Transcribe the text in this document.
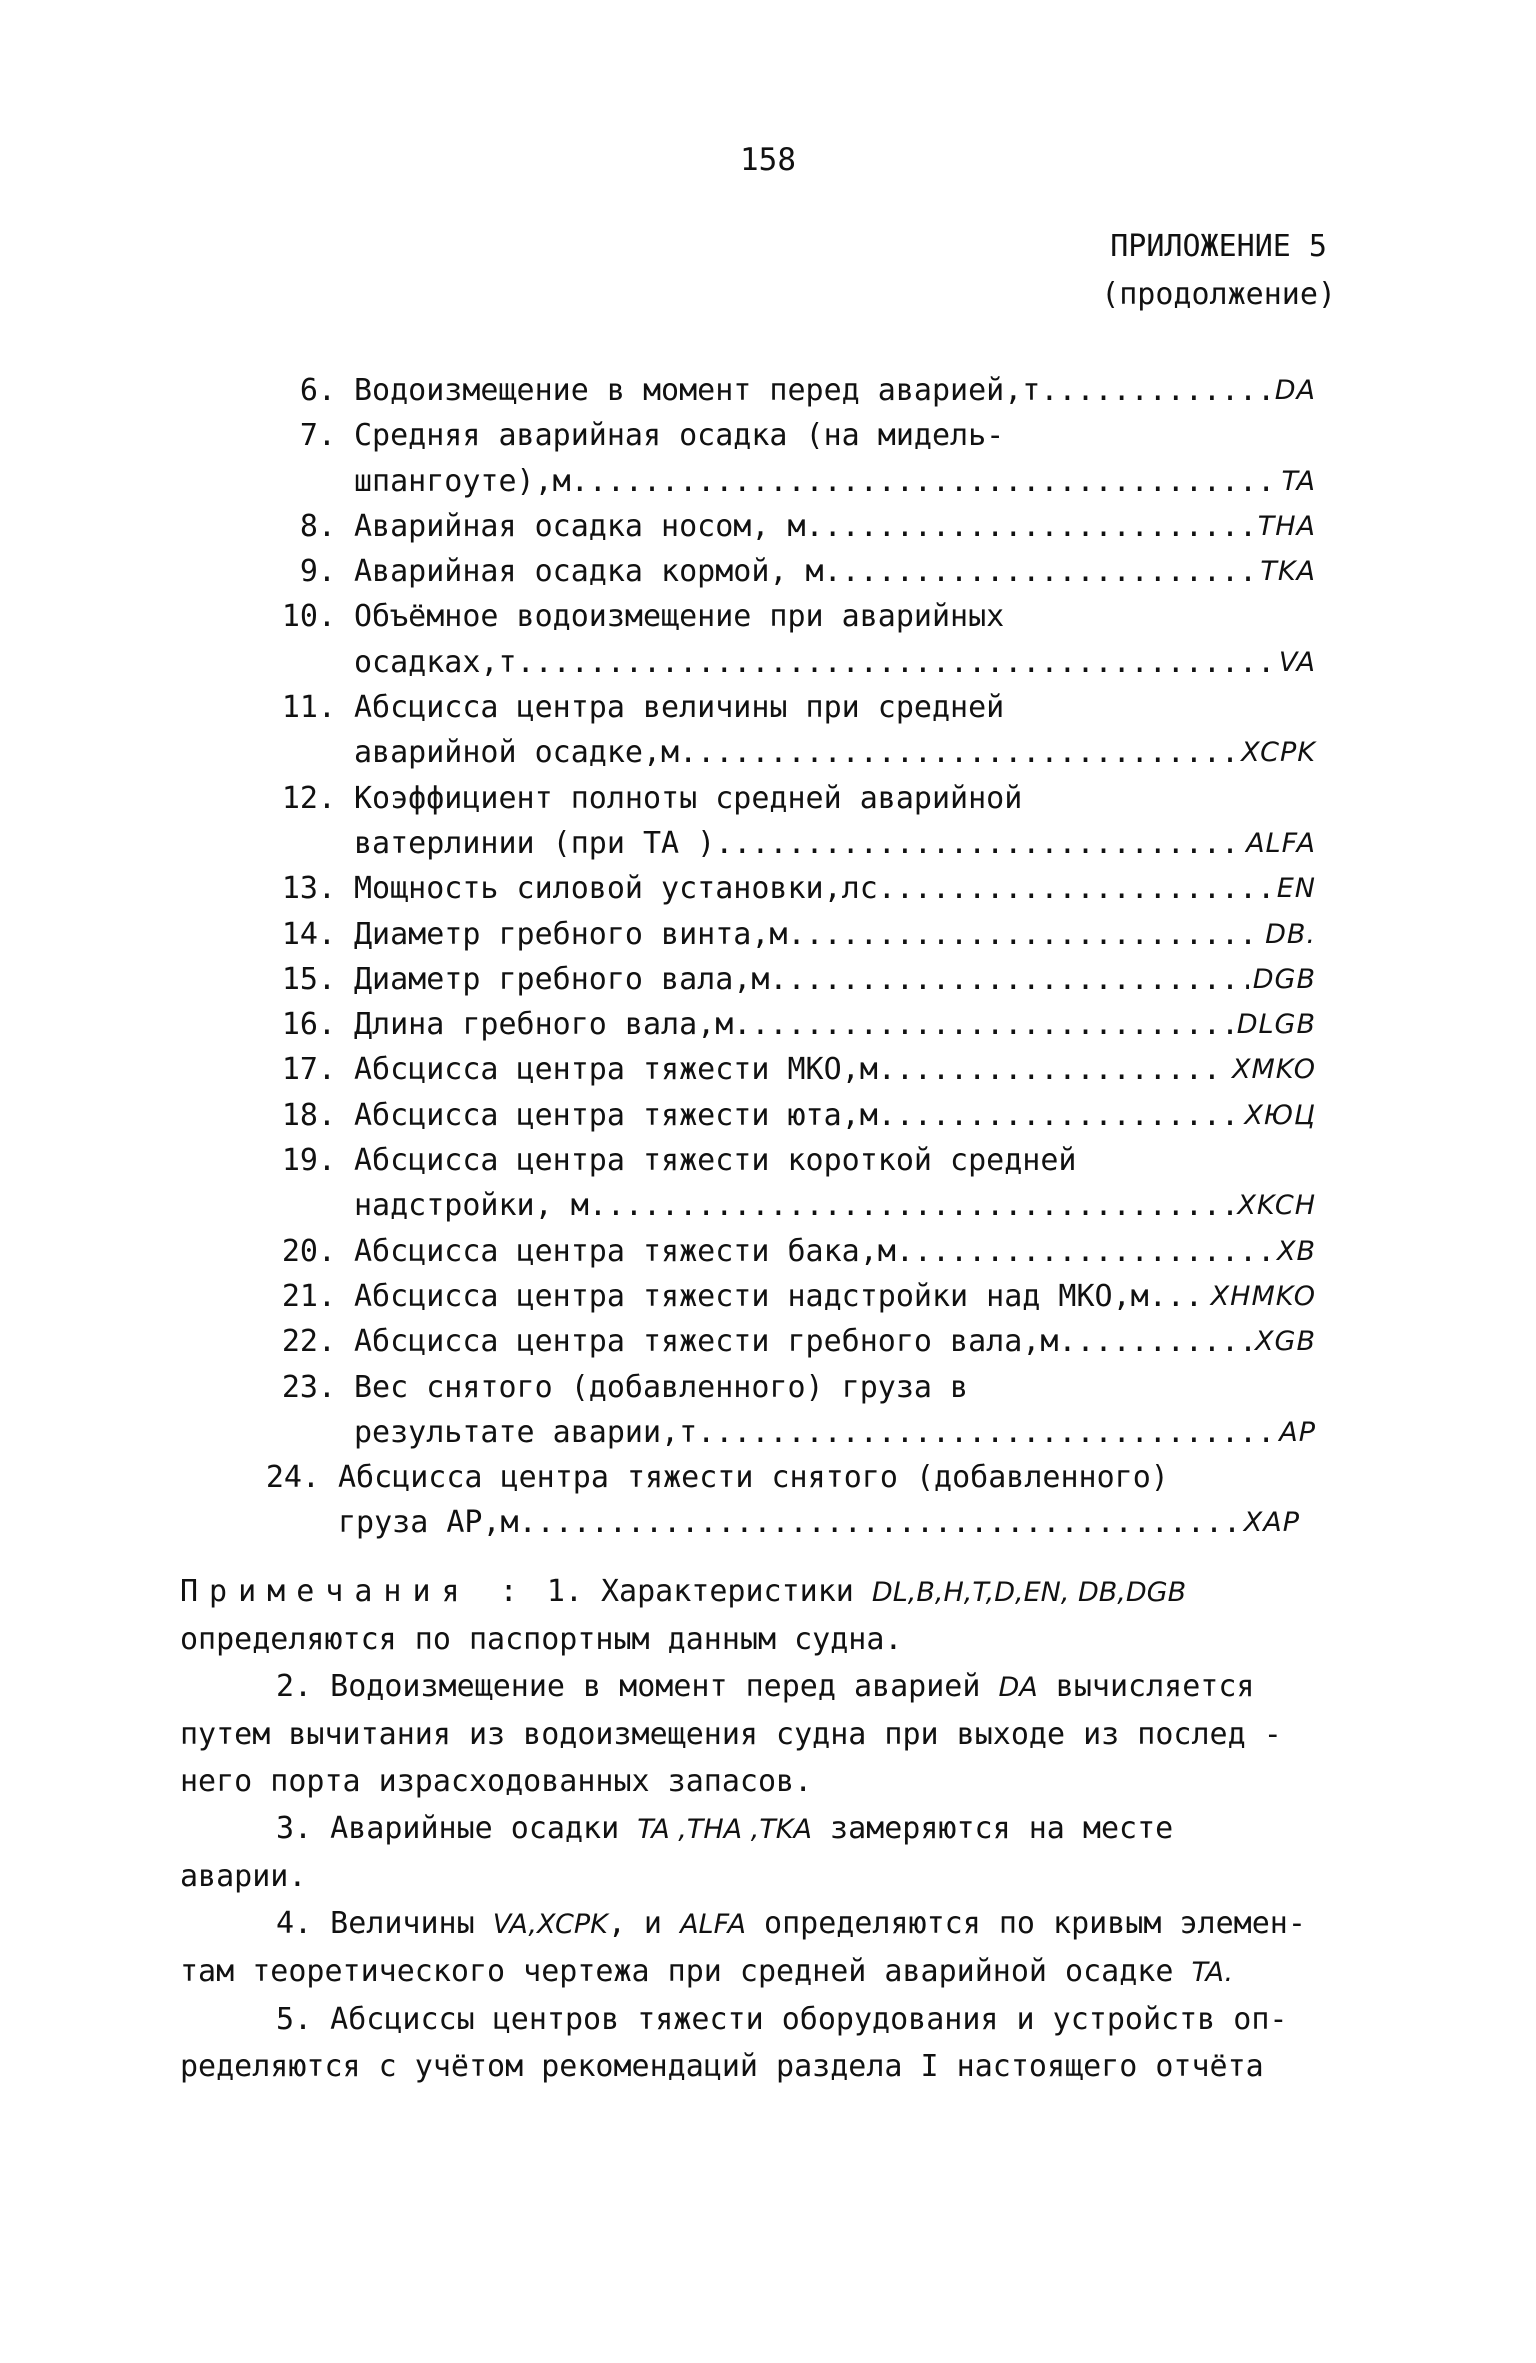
158
ПРИЛОЖЕНИЕ 5
(продолжение)
6. Водоизмещение в момент перед аварией,т .....	DA
7. Средняя аварийная осадка (на мидель-
шпангоуте),м .....	TA
8. Аварийная осадка носом, м .....	THA
9. Аварийная осадка кормой, м .....	TKA
10. Объёмное водоизмещение при аварийных
осадках,т .....	VA
11. Абсцисса центра величины при средней
аварийной осадке,м .....	XCPK
12. Коэффициент полноты средней аварийной
ватерлинии (при TA ) .....	ALFA
13. Мощность силовой установки,лс .....	EN
14. Диаметр гребного винта,м .....	DB.
15. Диаметр гребного вала,м .....	DGB
16. Длина гребного вала,м .....	DLGB
17. Абсцисса центра тяжести МКО,м .....	XMKO
18. Абсцисса центра тяжести юта,м .....	XЮЦ
19. Абсцисса центра тяжести короткой средней
надстройки, м .....	XKCH
20. Абсцисса центра тяжести бака,м .....	XB
21. Абсцисса центра тяжести надстройки над МКО,м ..... XHMKO
22. Абсцисса центра тяжести гребного вала,м .....	XGB
23. Вес снятого (добавленного) груза в
результате аварии,т .....	AP
24. Абсцисса центра тяжести снятого (добавленного)
груза АР,м .....	XAP
Примечания : 1. Характеристики DL,B,H,T,D,EN, DB,DGB
определяются по паспортным данным судна.
2. Водоизмещение в момент перед аварией DA вычисляется
путем вычитания из водоизмещения судна при выходе из послед -
него порта израсходованных запасов.
3. Аварийные осадки TA ,THA ,TKA замеряются на месте
аварии.
4. Величины VA,XCPK, и ALFA определяются по кривым элемен-
там теоретического чертежа при средней аварийной осадке TA.
5. Абсциссы центров тяжести оборудования и устройств оп-
ределяются с учётом рекомендаций раздела I настоящего отчёта
